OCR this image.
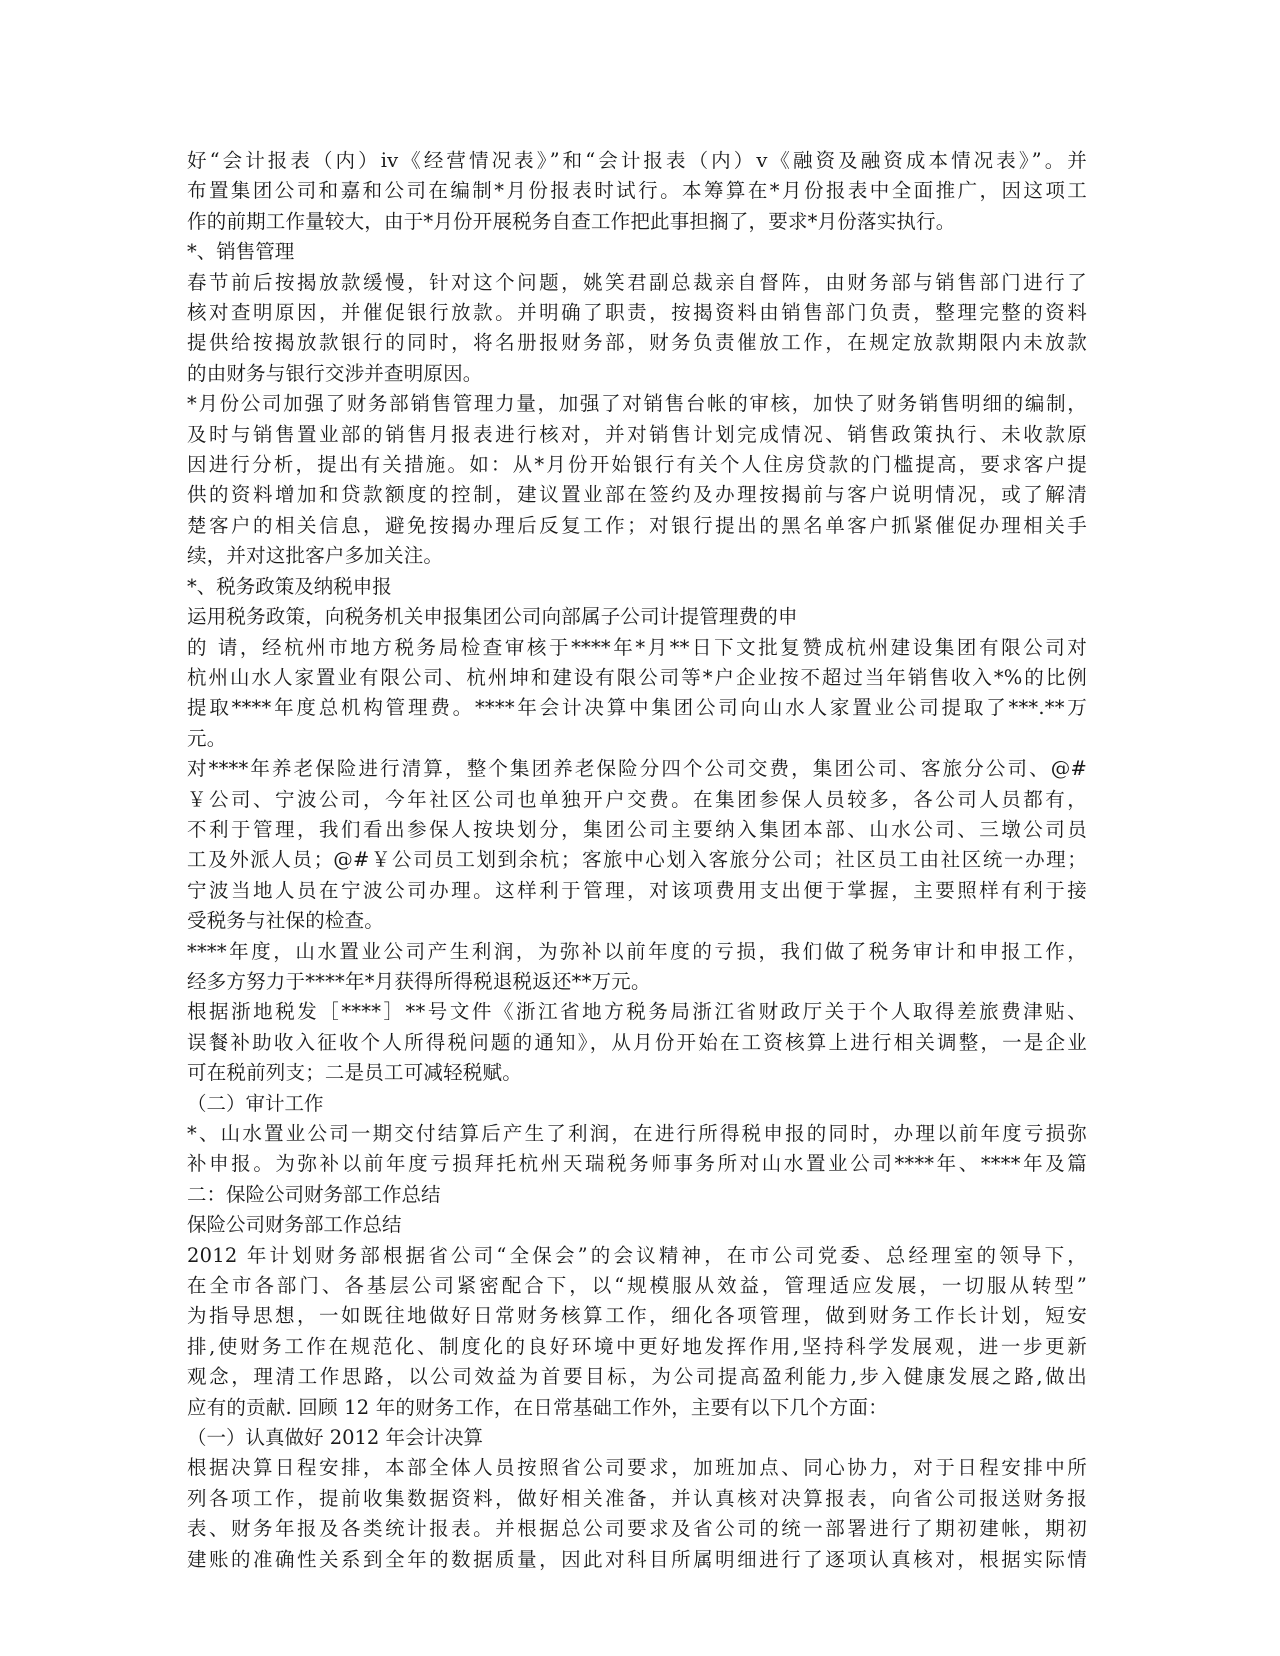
好“会计报表（内）iv《经营情况表》”和“会计报表（内）v《融资及融资成本情况表》”。并
布置集团公司和嘉和公司在编制*月份报表时试行。本筹算在*月份报表中全面推广，因这项工
作的前期工作量较大，由于*月份开展税务自查工作把此事担搁了，要求*月份落实执行。
*、销售管理
春节前后按揭放款缓慢，针对这个问题，姚笑君副总裁亲自督阵，由财务部与销售部门进行了
核对查明原因，并催促银行放款。并明确了职责，按揭资料由销售部门负责，整理完整的资料
提供给按揭放款银行的同时，将名册报财务部，财务负责催放工作，在规定放款期限内未放款
的由财务与银行交涉并查明原因。
*月份公司加强了财务部销售管理力量，加强了对销售台帐的审核，加快了财务销售明细的编制，
及时与销售置业部的销售月报表进行核对，并对销售计划完成情况、销售政策执行、未收款原
因进行分析，提出有关措施。如：从*月份开始银行有关个人住房贷款的门槛提高，要求客户提
供的资料增加和贷款额度的控制，建议置业部在签约及办理按揭前与客户说明情况，或了解清
楚客户的相关信息，避免按揭办理后反复工作；对银行提出的黑名单客户抓紧催促办理相关手
续，并对这批客户多加关注。
*、税务政策及纳税申报
运用税务政策，向税务机关申报集团公司向部属子公司计提管理费的申
的 请，经杭州市地方税务局检查审核于****年*月**日下文批复赞成杭州建设集团有限公司对
杭州山水人家置业有限公司、杭州坤和建设有限公司等*户企业按不超过当年销售收入*%的比例
提取****年度总机构管理费。****年会计决算中集团公司向山水人家置业公司提取了***.**万
元。
对****年养老保险进行清算，整个集团养老保险分四个公司交费，集团公司、客旅分公司、@#
￥公司、宁波公司，今年社区公司也单独开户交费。在集团参保人员较多，各公司人员都有，
不利于管理，我们看出参保人按块划分，集团公司主要纳入集团本部、山水公司、三墩公司员
工及外派人员；@#￥公司员工划到余杭；客旅中心划入客旅分公司；社区员工由社区统一办理；
宁波当地人员在宁波公司办理。这样利于管理，对该项费用支出便于掌握，主要照样有利于接
受税务与社保的检查。
****年度，山水置业公司产生利润，为弥补以前年度的亏损，我们做了税务审计和申报工作，
经多方努力于****年*月获得所得税退税返还**万元。
根据浙地税发［****］**号文件《浙江省地方税务局浙江省财政厅关于个人取得差旅费津贴、
误餐补助收入征收个人所得税问题的通知》，从月份开始在工资核算上进行相关调整，一是企业
可在税前列支；二是员工可减轻税赋。
（二）审计工作
*、山水置业公司一期交付结算后产生了利润，在进行所得税申报的同时，办理以前年度亏损弥
补申报。为弥补以前年度亏损拜托杭州天瑞税务师事务所对山水置业公司****年、****年及篇
二：保险公司财务部工作总结
保险公司财务部工作总结
2012 年计划财务部根据省公司“全保会”的会议精神，在市公司党委、总经理室的领导下，
在全市各部门、各基层公司紧密配合下，以“规模服从效益，管理适应发展，一切服从转型”
为指导思想，一如既往地做好日常财务核算工作，细化各项管理，做到财务工作长计划，短安
排,使财务工作在规范化、制度化的良好环境中更好地发挥作用,坚持科学发展观，进一步更新
观念，理清工作思路，以公司效益为首要目标，为公司提高盈利能力,步入健康发展之路,做出
应有的贡献. 回顾 12 年的财务工作，在日常基础工作外，主要有以下几个方面：
（一）认真做好 2012 年会计决算
根据决算日程安排，本部全体人员按照省公司要求，加班加点、同心协力，对于日程安排中所
列各项工作，提前收集数据资料，做好相关准备，并认真核对决算报表，向省公司报送财务报
表、财务年报及各类统计报表。并根据总公司要求及省公司的统一部署进行了期初建帐，期初
建账的准确性关系到全年的数据质量，因此对科目所属明细进行了逐项认真核对，根据实际情
